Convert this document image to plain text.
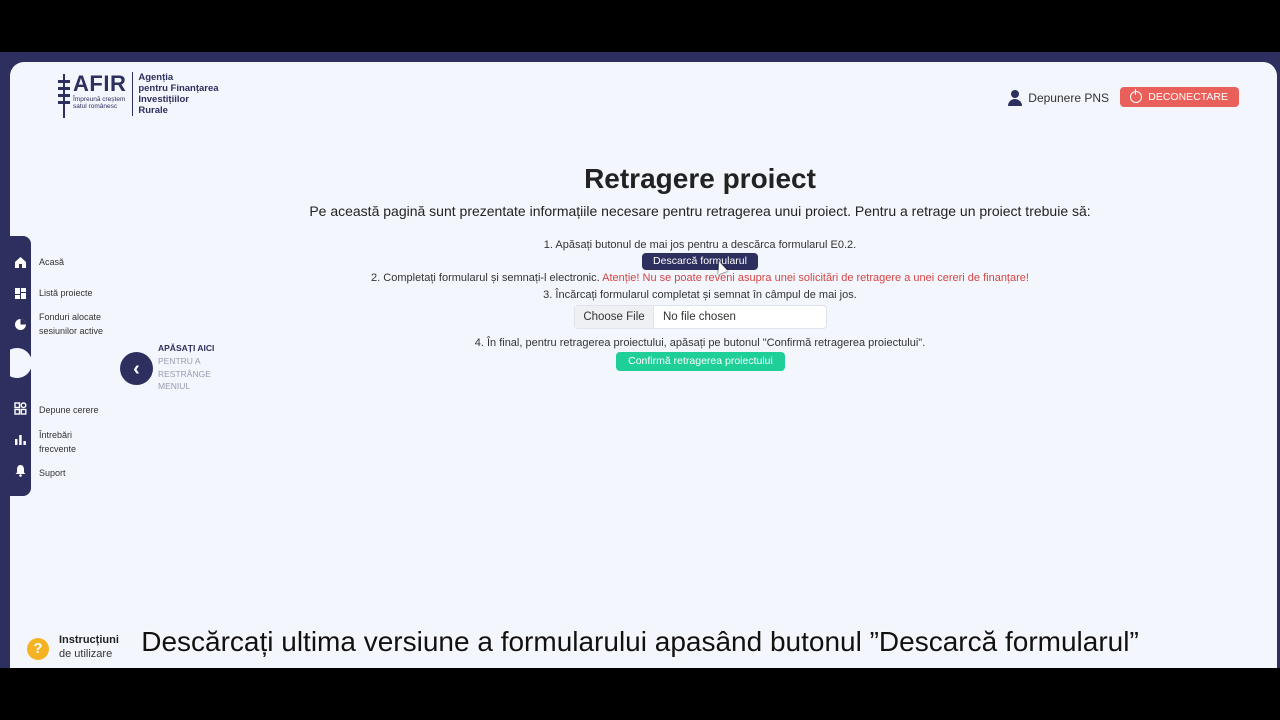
AFIR
Împreună creștem
satul românesc
Agenția
pentru Finanțarea
Investițiilor
Rurale
Depunere PNS	DECONECTARE
Acasă
Listă proiecte
Fonduri alocate sesiunilor active
Depune cerere
Întrebări frecvente
Suport
‹
APĂSAȚI AICI
PENTRU A RESTRÂNGE MENIUL
Retragere proiect

Pe această pagină sunt prezentate informațiile necesare pentru retragerea unui proiect. Pentru a retrage un proiect trebuie să:

1. Apăsați butonul de mai jos pentru a descărca formularul E0.2.

Descarcă formularul

2. Completați formularul și semnați-l electronic. Atenție! Nu se poate reveni asupra unei solicitări de retragere a unei cereri de finanțare!

3. Încărcați formularul completat și semnat în câmpul de mai jos.

Choose File	No file chosen

4. În final, pentru retragerea proiectului, apăsați pe butonul "Confirmă retragerea proiectului".

Confirmă retragerea proiectului
?	Instrucțiuni
de utilizare	Descărcați ultima versiune a formularului apasând butonul ”Descarcă formularul”
